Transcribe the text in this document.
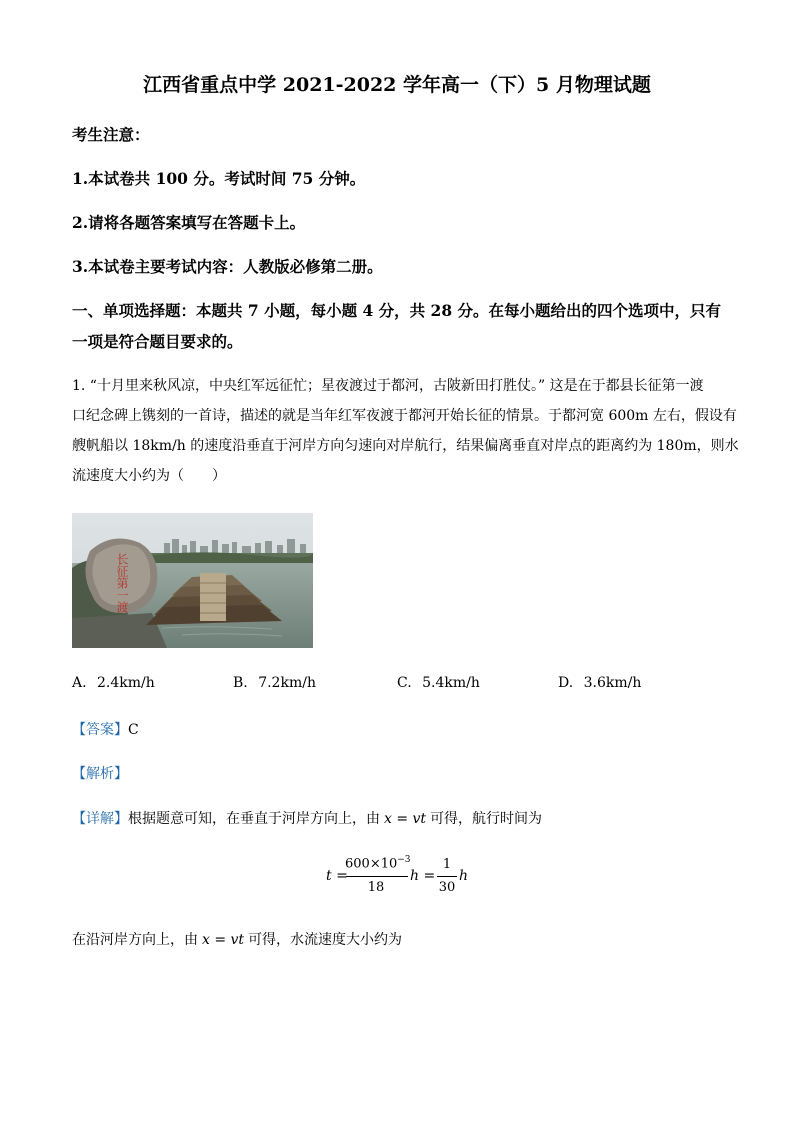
江西省重点中学 2021-2022 学年高一（下）5 月物理试题
考生注意：
1.本试卷共 100 分。考试时间 75 分钟。
2.请将各题答案填写在答题卡上。
3.本试卷主要考试内容：人教版必修第二册。
一、单项选择题：本题共 7 小题，每小题 4 分，共 28 分。在每小题给出的四个选项中，只有
一项是符合题目要求的。
1. “十月里来秋风凉，中央红军远征忙；星夜渡过于都河，古陂新田打胜仗。” 这是在于都县长征第一渡
口纪念碑上镌刻的一首诗，描述的就是当年红军夜渡于都河开始长征的情景。于都河宽 600m 左右，假设有
艘帆船以 18km/h 的速度沿垂直于河岸方向匀速向对岸航行，结果偏离垂直对岸点的距离约为 180m，则水
流速度大小约为（　　）
长征第一渡
A. 2.4km/h	B. 7.2km/h	C. 5.4km/h	D. 3.6km/h
【答案】C
【解析】
【详解】根据题意可知，在垂直于河岸方向上，由 x = vt 可得，航行时间为
t =
$600\times 10^{-3}$
18
h =
1
30
h
在沿河岸方向上，由 x = vt 可得，水流速度大小约为
